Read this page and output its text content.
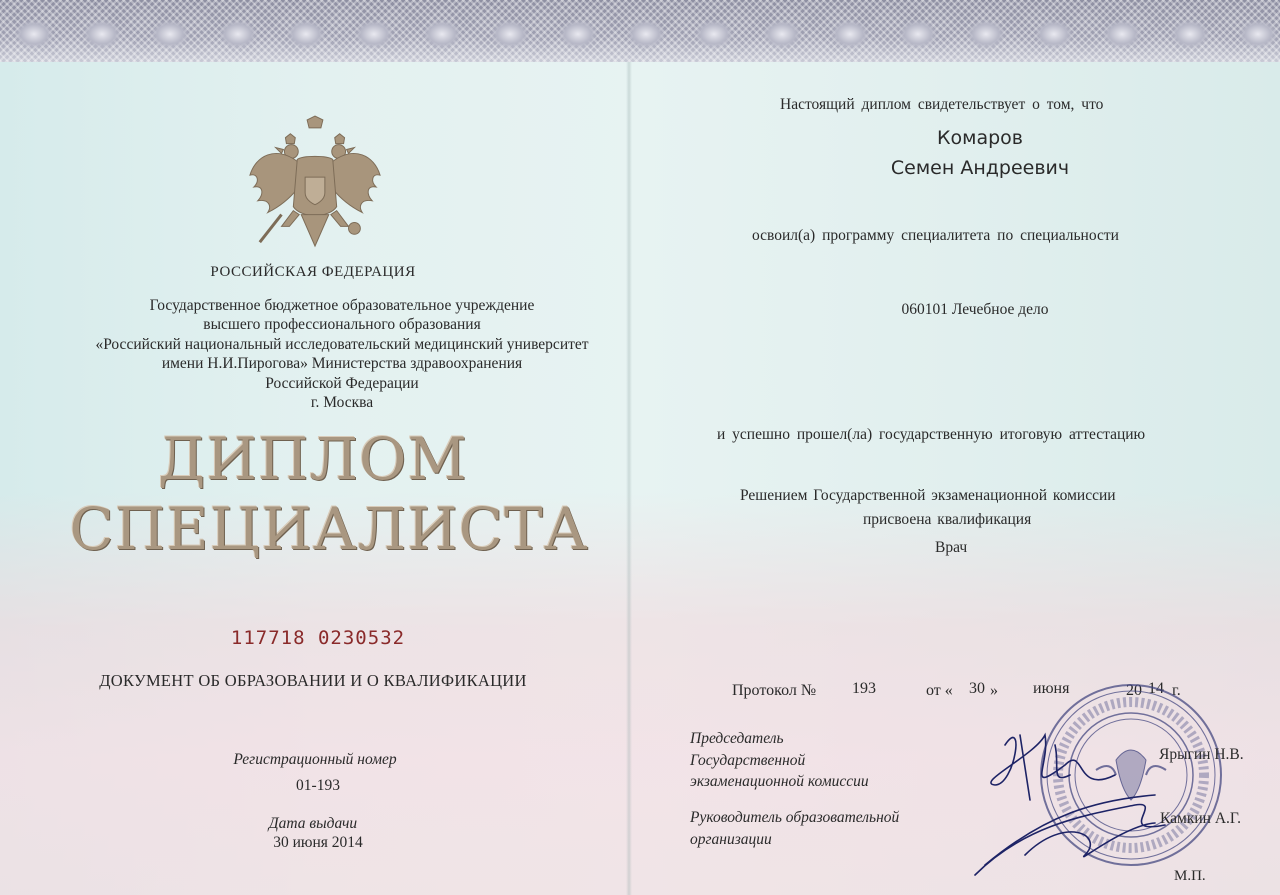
РОССИЙСКАЯ ФЕДЕРАЦИЯ
Государственное бюджетное образовательное учреждение
высшего профессионального образования
«Российский национальный исследовательский медицинский университет
имени Н.И.Пирогова» Министерства здравоохранения
Российской Федерации
г. Москва
ДИПЛОМ
СПЕЦИАЛИСТА
117718 0230532
ДОКУМЕНТ ОБ ОБРАЗОВАНИИ И О КВАЛИФИКАЦИИ
Регистрационный номер
01-193
Дата выдачи
30 июня 2014
Настоящий диплом свидетельствует о том, что
Комаров
Семен Андреевич
освоил(а) программу специалитета по специальности
060101 Лечебное дело
и успешно прошел(ла) государственную итоговую аттестацию
Решением Государственной экзаменационной комиссии
присвоена квалификация
Врач
Протокол № 193	от « 30 » июня	20 14 г.
Председатель
Государственной
экзаменационной комиссии
Руководитель образовательной
организации
Ярыгин Н.В.
Камкин А.Г.
М.П.
